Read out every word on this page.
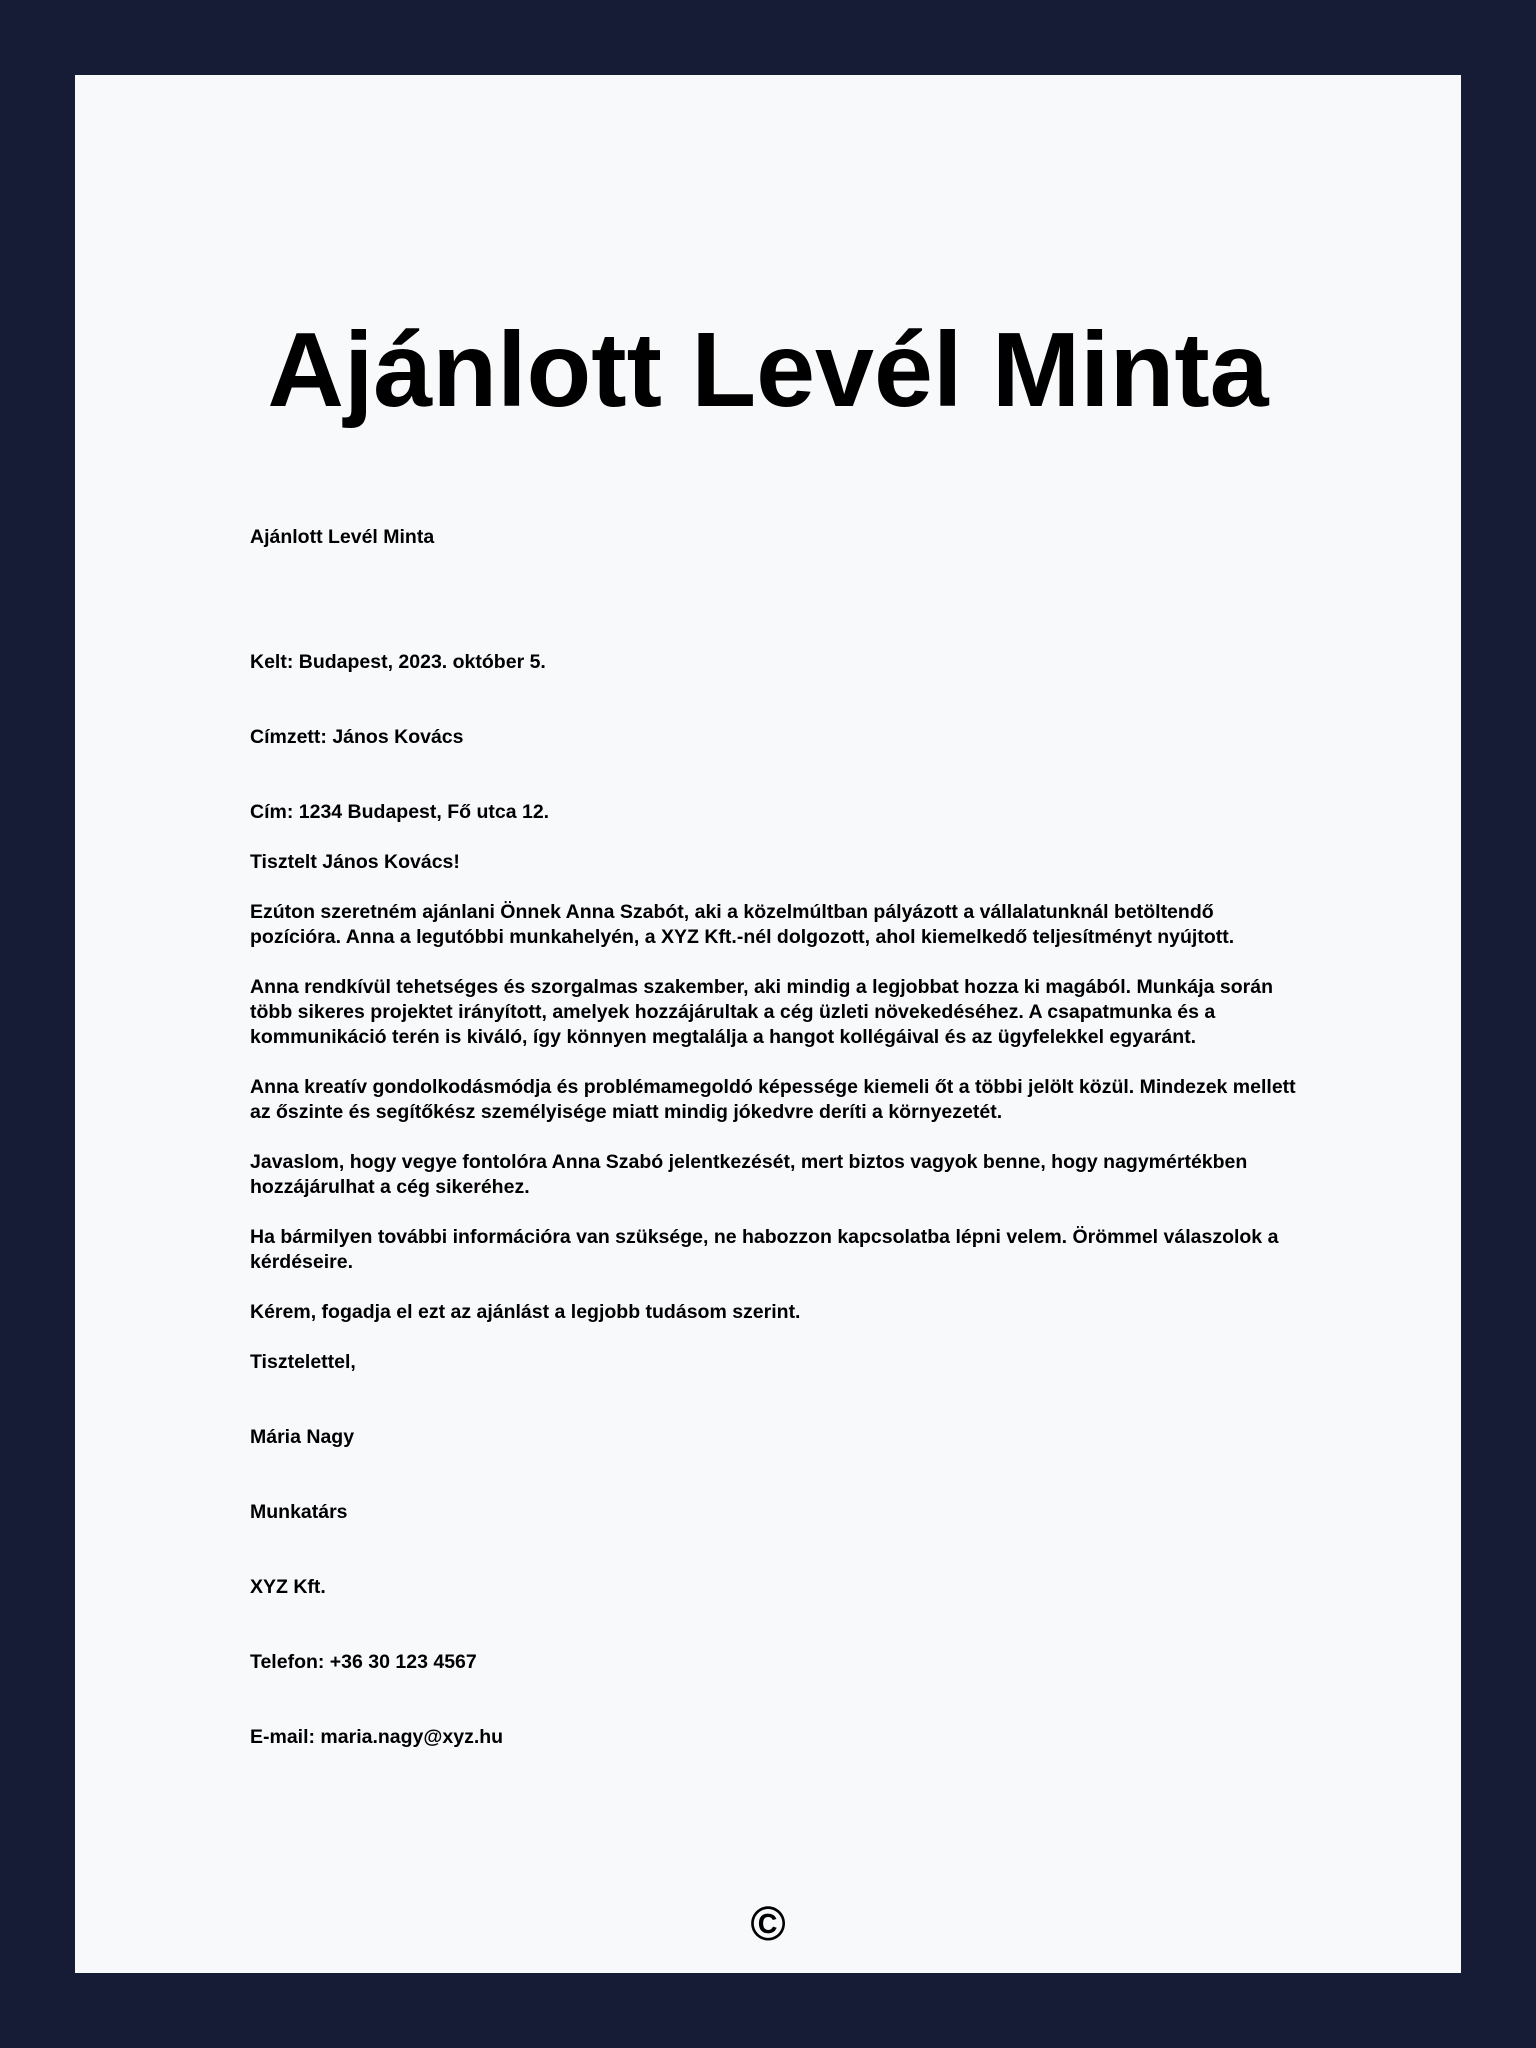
Ajánlott Levél Minta

Ajánlott Levél Minta

Kelt: Budapest, 2023. október 5.

Címzett: János Kovács

Cím: 1234 Budapest, Fő utca 12.

Tisztelt János Kovács!

Ezúton szeretném ajánlani Önnek Anna Szabót, aki a közelmúltban pályázott a vállalatunknál betöltendő pozícióra. Anna a legutóbbi munkahelyén, a XYZ Kft.-nél dolgozott, ahol kiemelkedő teljesítményt nyújtott.

Anna rendkívül tehetséges és szorgalmas szakember, aki mindig a legjobbat hozza ki magából. Munkája során több sikeres projektet irányított, amelyek hozzájárultak a cég üzleti növekedéséhez. A csapatmunka és a kommunikáció terén is kiváló, így könnyen megtalálja a hangot kollégáival és az ügyfelekkel egyaránt.

Anna kreatív gondolkodásmódja és problémamegoldó képessége kiemeli őt a többi jelölt közül. Mindezek mellett az őszinte és segítőkész személyisége miatt mindig jókedvre deríti a környezetét.

Javaslom, hogy vegye fontolóra Anna Szabó jelentkezését, mert biztos vagyok benne, hogy nagymértékben hozzájárulhat a cég sikeréhez.

Ha bármilyen további információra van szüksége, ne habozzon kapcsolatba lépni velem. Örömmel válaszolok a kérdéseire.

Kérem, fogadja el ezt az ajánlást a legjobb tudásom szerint.

Tisztelettel,

Mária Nagy

Munkatárs

XYZ Kft.

Telefon: +36 30 123 4567

E-mail: maria.nagy@xyz.hu

©
